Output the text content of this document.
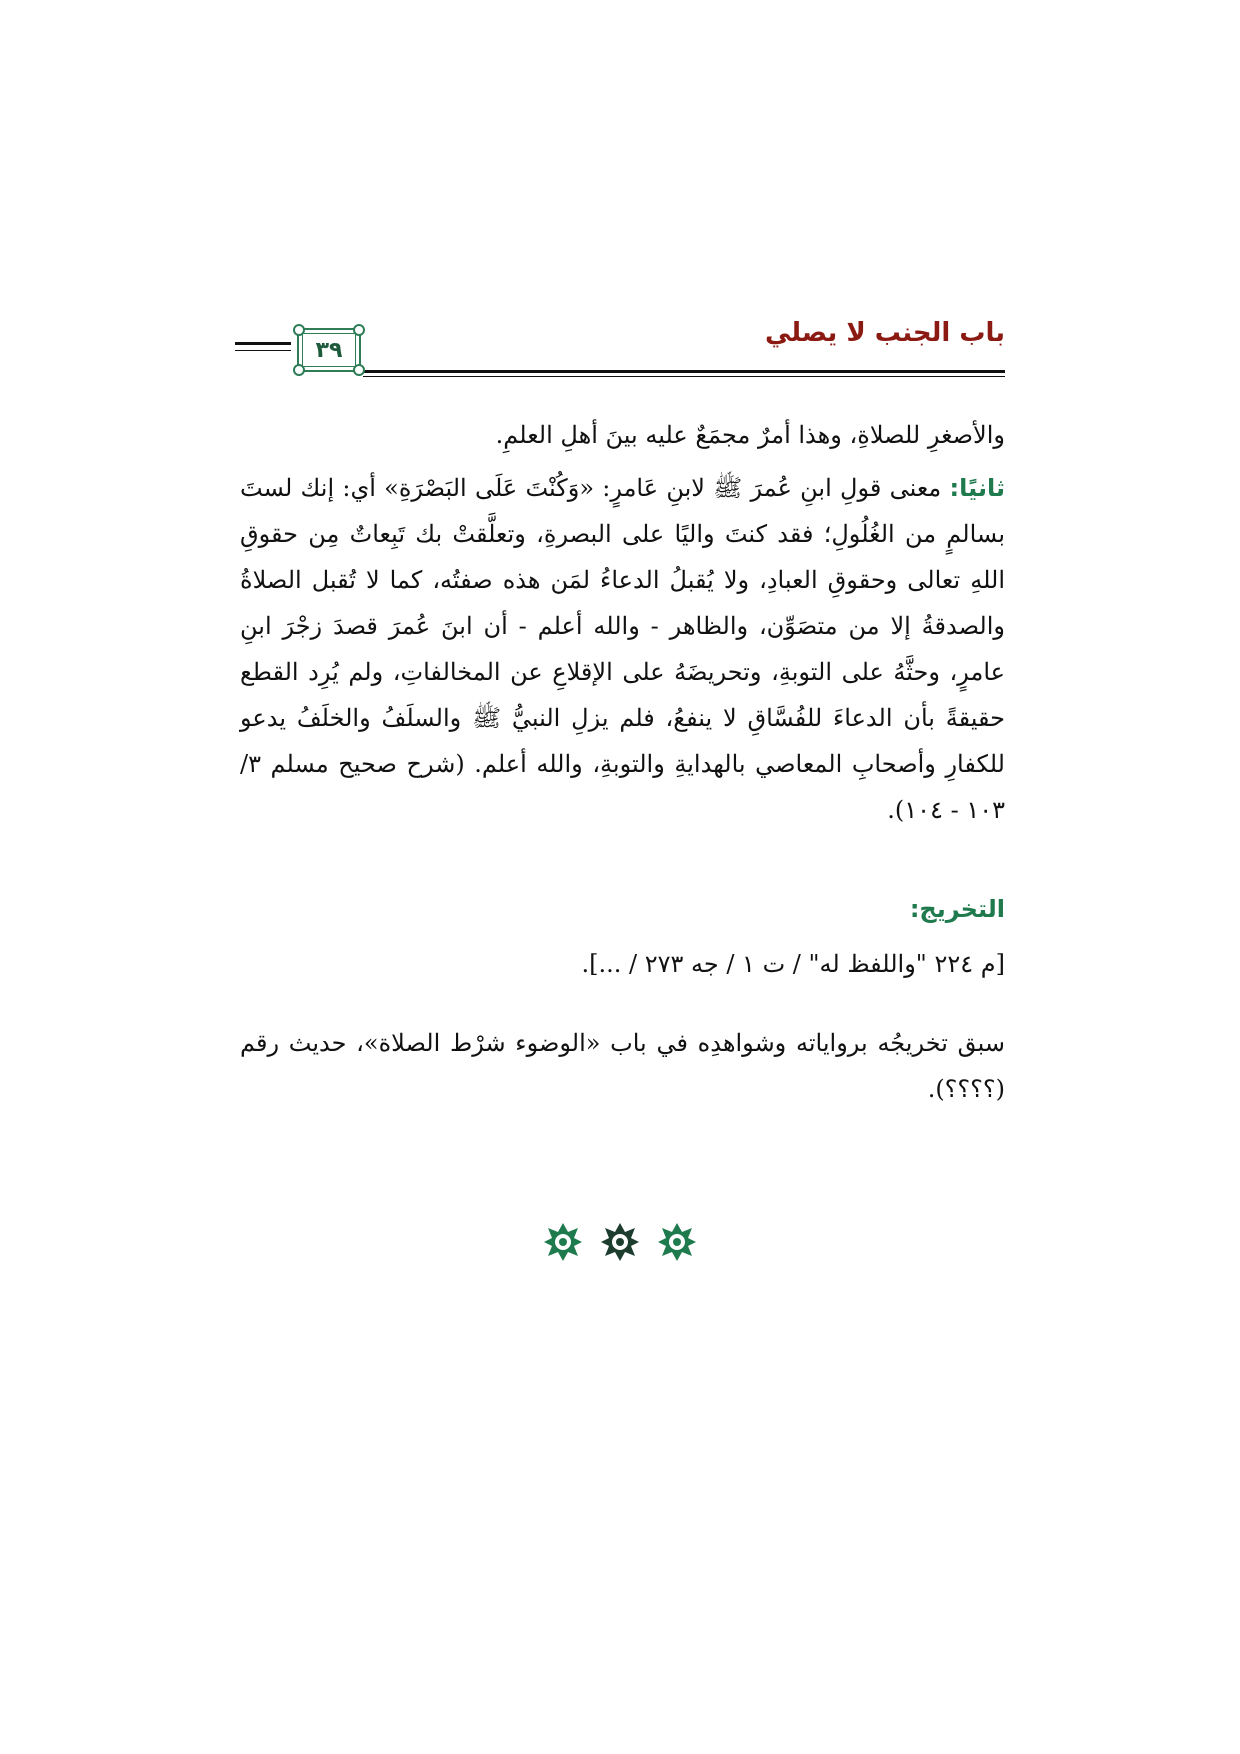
باب الجنب لا يصلي
٣٩

والأصغرِ للصلاةِ، وهذا أمرٌ مجمَعٌ عليه بينَ أهلِ العلمِ.

ثانيًا: معنى قولِ ابنِ عُمرَ ﷺ لابنِ عَامرٍ: «وَكُنْتَ عَلَى البَصْرَةِ» أي: إنك لستَ بسالمٍ من الغُلُولِ؛ فقد كنتَ واليًا على البصرةِ، وتعلَّقتْ بك تَبِعاتٌ مِن حقوقِ اللهِ تعالى وحقوقِ العبادِ، ولا يُقبلُ الدعاءُ لمَن هذه صفتُه، كما لا تُقبل الصلاةُ والصدقةُ إلا من متصَوِّن، والظاهر - والله أعلم - أن ابنَ عُمرَ قصدَ زجْرَ ابنِ عامرٍ، وحثَّهُ على التوبةِ، وتحريضَهُ على الإقلاعِ عن المخالفاتِ، ولم يُرِد القطع حقيقةً بأن الدعاءَ للفُسَّاقِ لا ينفعُ، فلم يزلِ النبيُّ ﷺ والسلَفُ والخلَفُ يدعو للكفارِ وأصحابِ المعاصي بالهدايةِ والتوبةِ، والله أعلم. (شرح صحيح مسلم ٣/ ١٠٣ - ١٠٤).

التخريج:

[م ٢٢٤ "واللفظ له" / ت ١ / جه ٢٧٣ / ...].

سبق تخريجُه برواياته وشواهدِه في باب «الوضوء شرْط الصلاة»، حديث رقم (؟؟؟؟).
